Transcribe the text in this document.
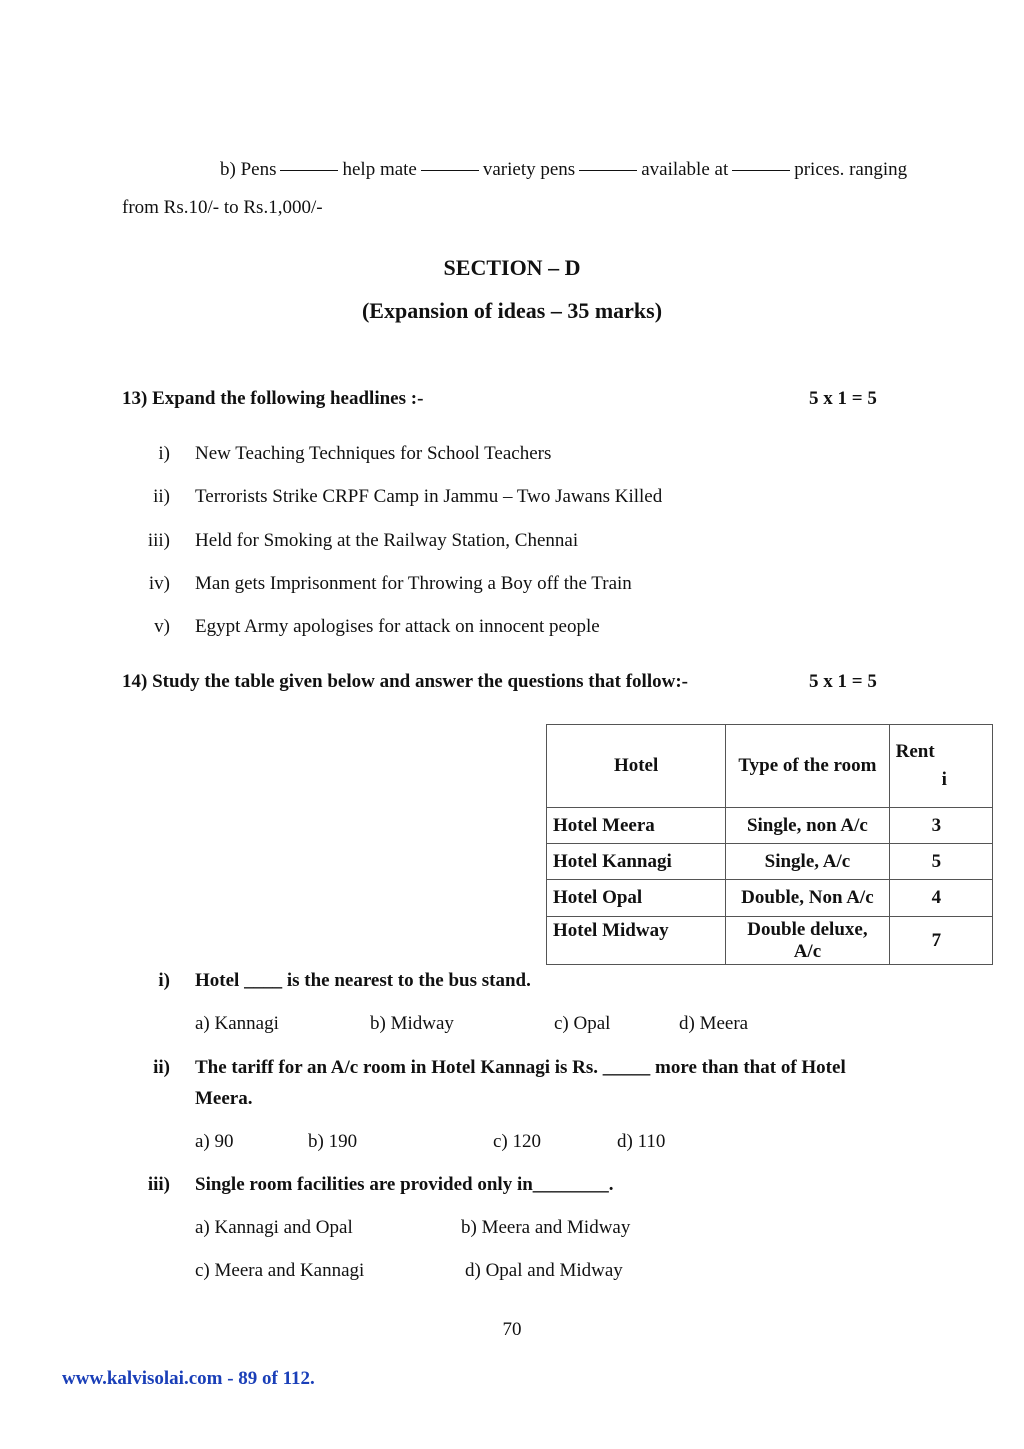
b) Pens	help mate	variety pens	available at	prices. ranging
from Rs.10/- to Rs.1,000/-
SECTION – D
(Expansion of ideas – 35 marks)
13) Expand the following headlines :-	5 x 1 = 5
i) New Teaching Techniques for School Teachers
ii) Terrorists Strike CRPF Camp in Jammu – Two Jawans Killed
iii) Held for Smoking at the Railway Station, Chennai
iv) Man gets Imprisonment for Throwing a Boy off the Train
v) Egypt Army apologises for attack on innocent people
14) Study the table given below and answer the questions that follow:-	5 x 1 = 5
Hotel	Type of the room	Rent
i

Hotel Meera	Single, non A/c	3
Hotel Kannagi	Single, A/c	5
Hotel Opal	Double, Non A/c	4
Hotel Midway	Double deluxe, A/c	7
i) Hotel ____ is the nearest to the bus stand.
a) Kannagi	b) Midway	c) Opal	d) Meera
ii) The tariff for an A/c room in Hotel Kannagi is Rs. _____ more than that of Hotel
Meera.
a) 90	b) 190	c) 120	d) 110
iii) Single room facilities are provided only in________.
a) Kannagi and Opal	b) Meera and Midway
c) Meera and Kannagi	d) Opal and Midway
70
www.kalvisolai.com - 89 of 112.
